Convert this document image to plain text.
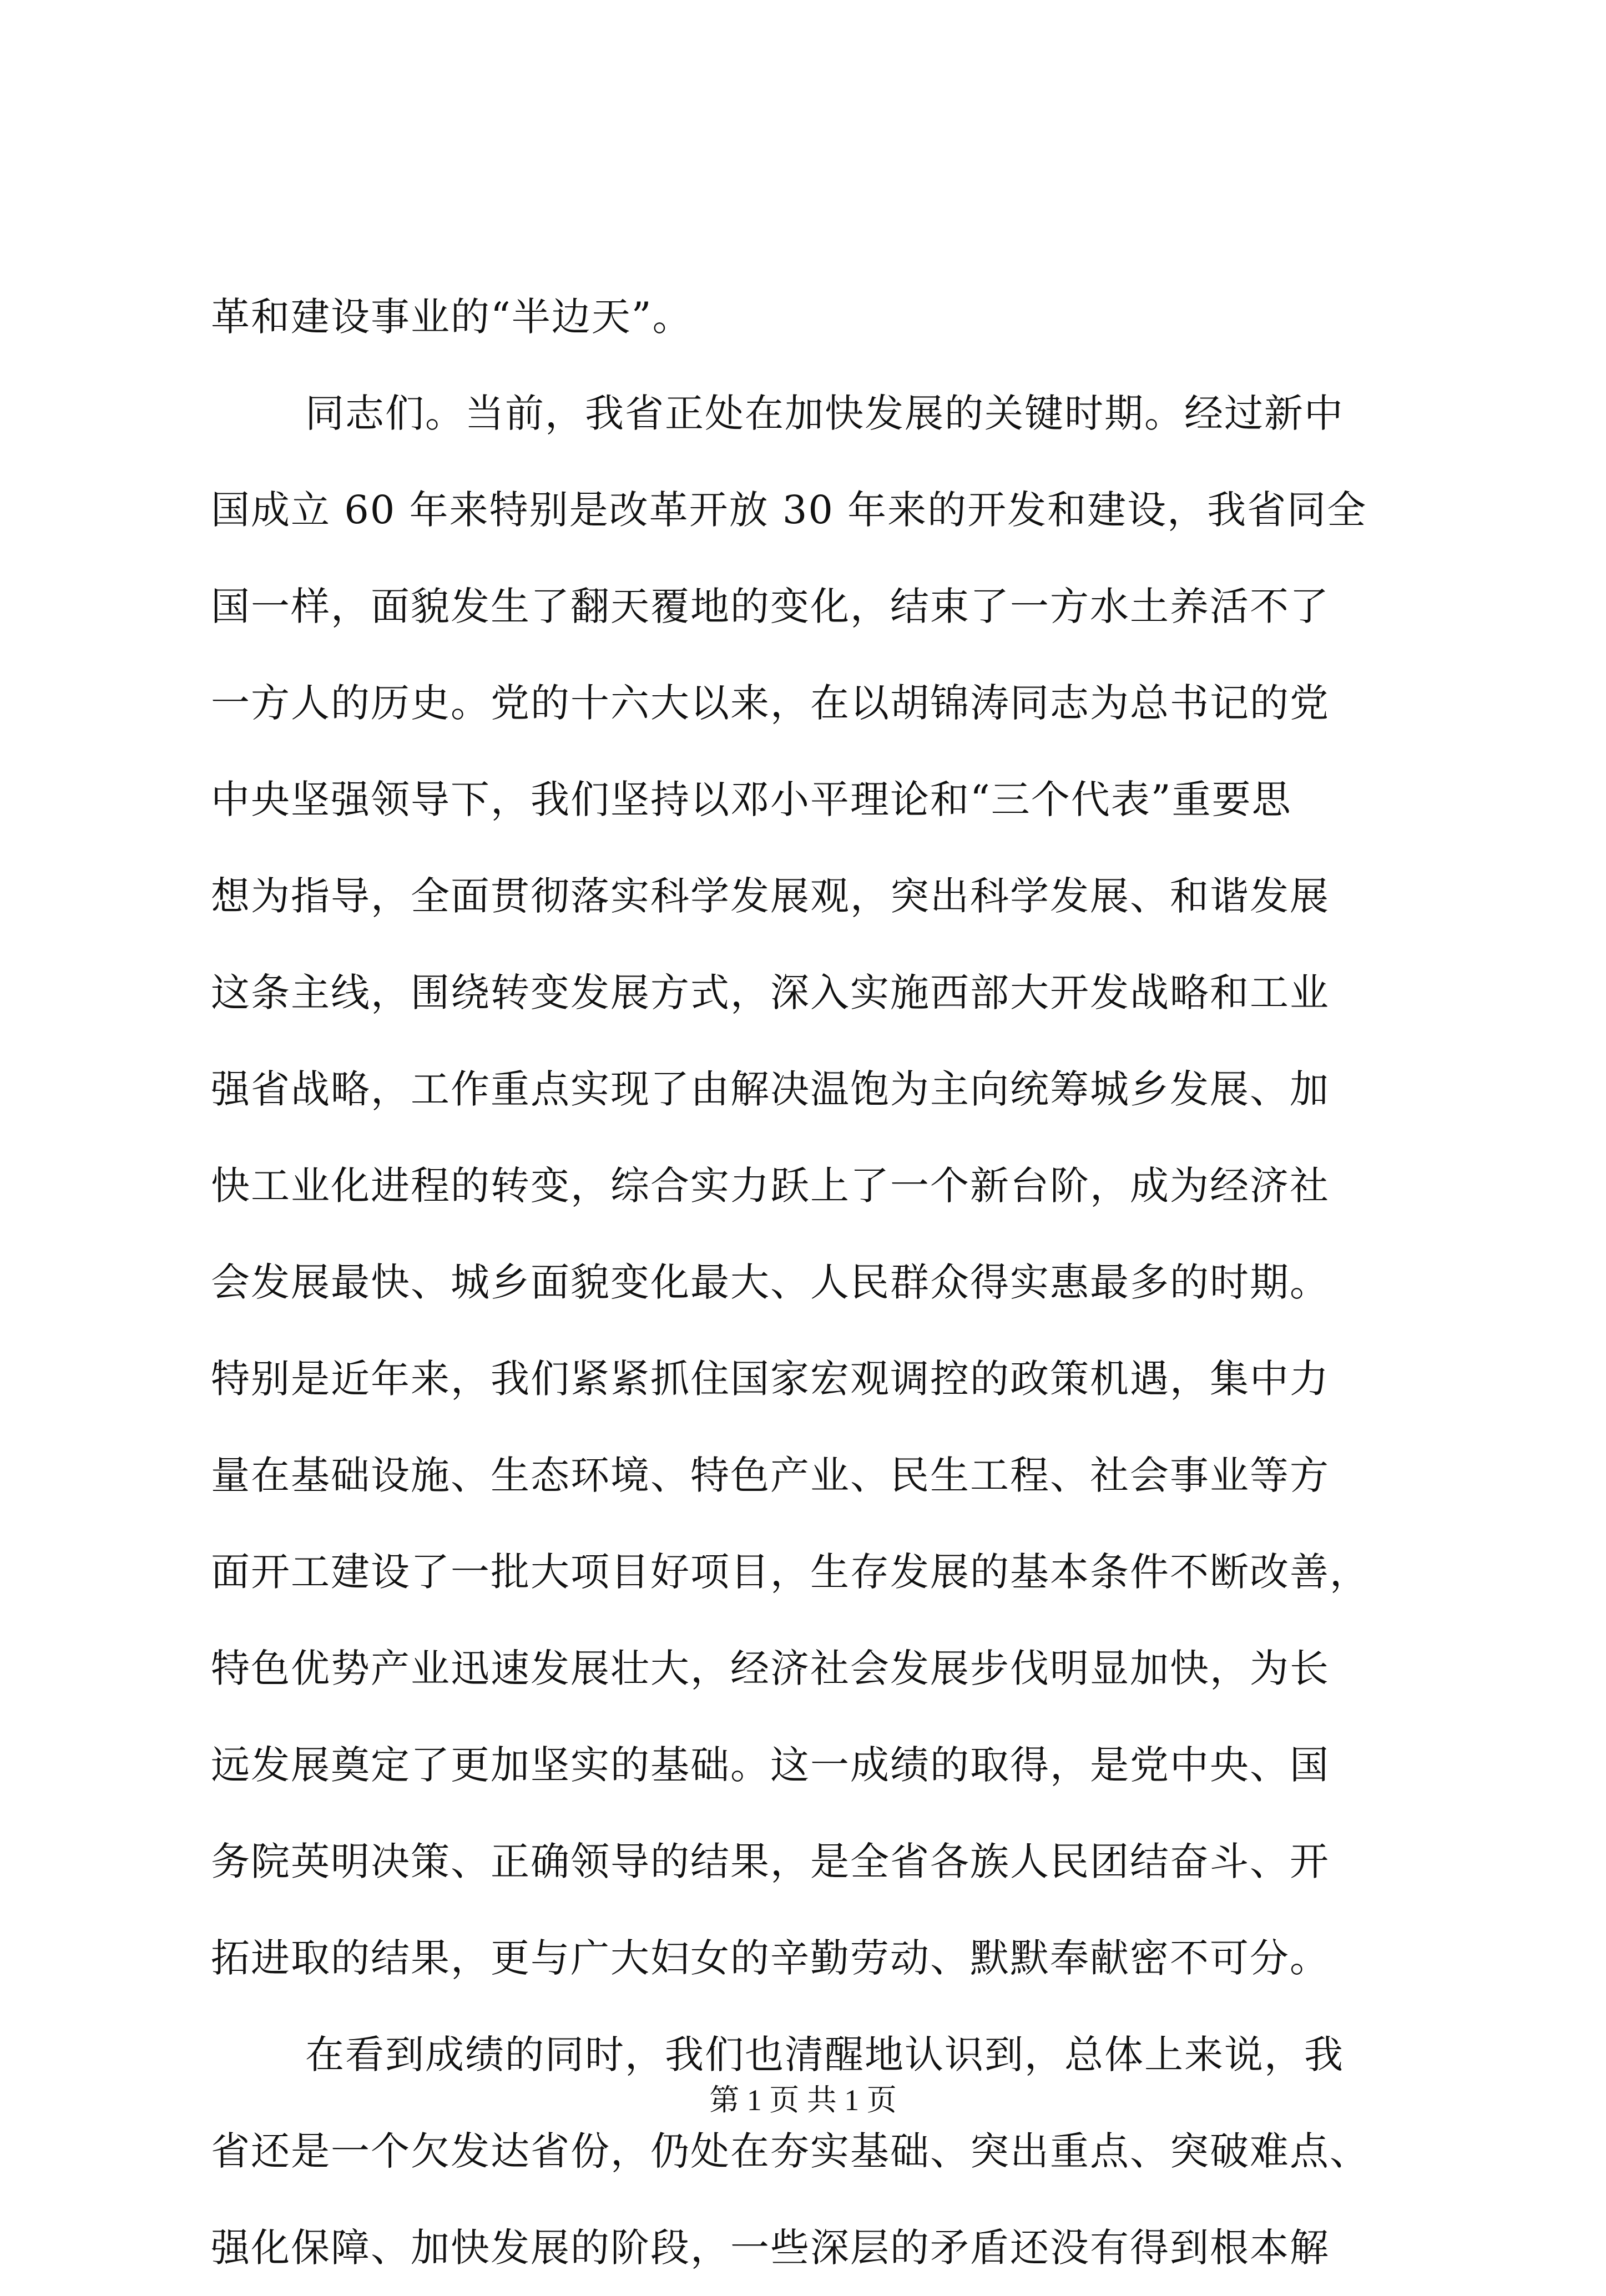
革和建设事业的“半边天”。
同志们。当前，我省正处在加快发展的关键时期。经过新中
国成立 60 年来特别是改革开放 30 年来的开发和建设，我省同全
国一样，面貌发生了翻天覆地的变化，结束了一方水土养活不了
一方人的历史。党的十六大以来，在以胡锦涛同志为总书记的党
中央坚强领导下，我们坚持以邓小平理论和“三个代表”重要思
想为指导，全面贯彻落实科学发展观，突出科学发展、和谐发展
这条主线，围绕转变发展方式，深入实施西部大开发战略和工业
强省战略，工作重点实现了由解决温饱为主向统筹城乡发展、加
快工业化进程的转变，综合实力跃上了一个新台阶，成为经济社
会发展最快、城乡面貌变化最大、人民群众得实惠最多的时期。
特别是近年来，我们紧紧抓住国家宏观调控的政策机遇，集中力
量在基础设施、生态环境、特色产业、民生工程、社会事业等方
面开工建设了一批大项目好项目，生存发展的基本条件不断改善，
特色优势产业迅速发展壮大，经济社会发展步伐明显加快，为长
远发展奠定了更加坚实的基础。这一成绩的取得，是党中央、国
务院英明决策、正确领导的结果，是全省各族人民团结奋斗、开
拓进取的结果，更与广大妇女的辛勤劳动、默默奉献密不可分。
在看到成绩的同时，我们也清醒地认识到，总体上来说，我
省还是一个欠发达省份，仍处在夯实基础、突出重点、突破难点、
强化保障、加快发展的阶段，一些深层的矛盾还没有得到根本解
第 1 页 共 1 页
